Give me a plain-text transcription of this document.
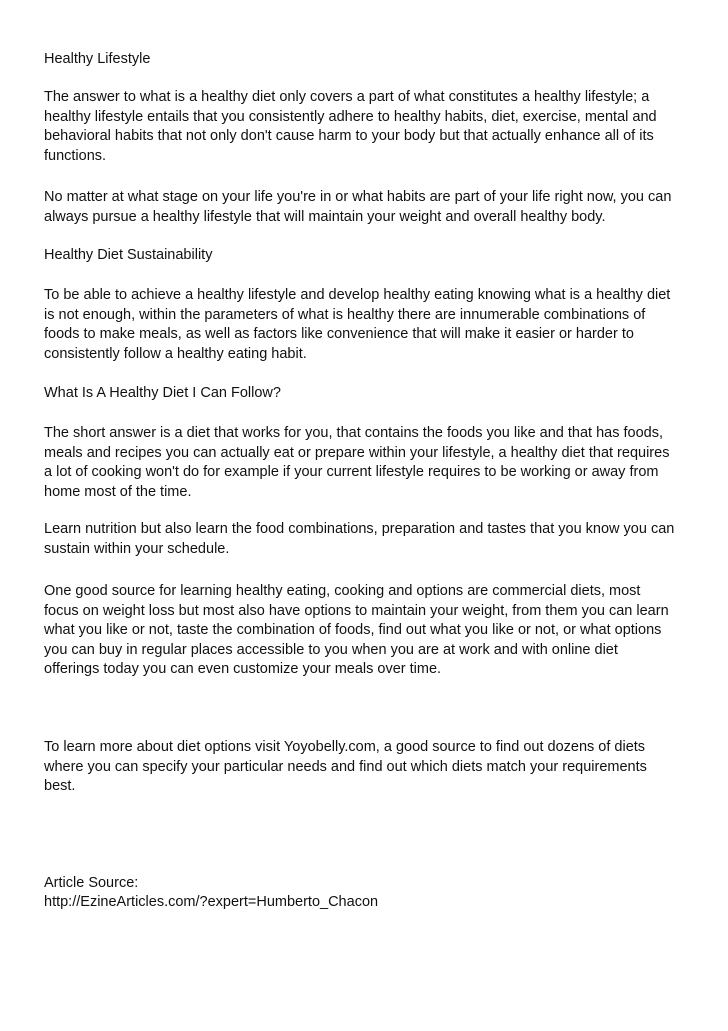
Healthy Lifestyle

The answer to what is a healthy diet only covers a part of what constitutes a healthy lifestyle; a
healthy lifestyle entails that you consistently adhere to healthy habits, diet, exercise, mental and
behavioral habits that not only don't cause harm to your body but that actually enhance all of its
functions.

No matter at what stage on your life you're in or what habits are part of your life right now, you can
always pursue a healthy lifestyle that will maintain your weight and overall healthy body.

Healthy Diet Sustainability

To be able to achieve a healthy lifestyle and develop healthy eating knowing what is a healthy diet
is not enough, within the parameters of what is healthy there are innumerable combinations of
foods to make meals, as well as factors like convenience that will make it easier or harder to
consistently follow a healthy eating habit.

What Is A Healthy Diet I Can Follow?

The short answer is a diet that works for you, that contains the foods you like and that has foods,
meals and recipes you can actually eat or prepare within your lifestyle, a healthy diet that requires
a lot of cooking won't do for example if your current lifestyle requires to be working or away from
home most of the time.

Learn nutrition but also learn the food combinations, preparation and tastes that you know you can
sustain within your schedule.

One good source for learning healthy eating, cooking and options are commercial diets, most
focus on weight loss but most also have options to maintain your weight, from them you can learn
what you like or not, taste the combination of foods, find out what you like or not, or what options
you can buy in regular places accessible to you when you are at work and with online diet
offerings today you can even customize your meals over time.

To learn more about diet options visit Yoyobelly.com, a good source to find out dozens of diets
where you can specify your particular needs and find out which diets match your requirements
best.

Article Source:

http://EzineArticles.com/?expert=Humberto_Chacon
